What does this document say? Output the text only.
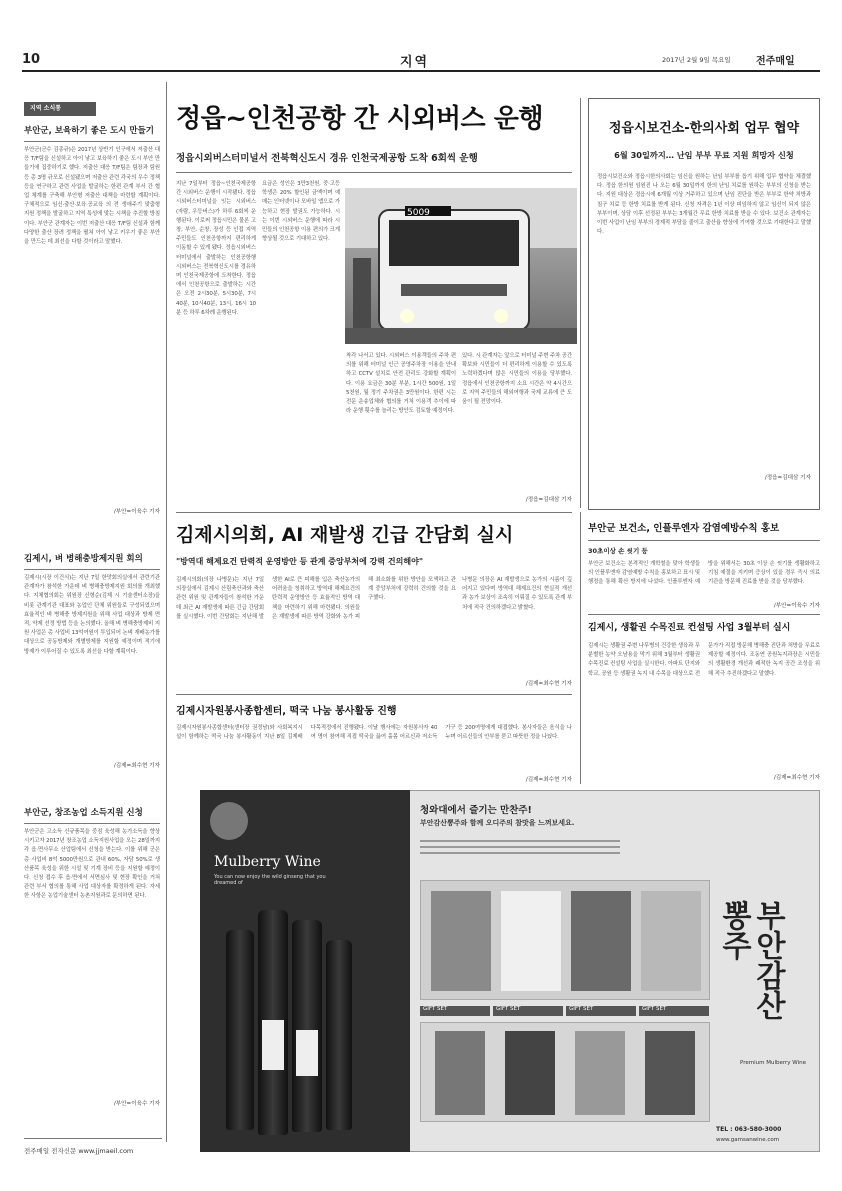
10	지역	2017년 2월 9일 목요일	전주매일
지역 소식통
부안군, 보육하기 좋은 도시 만들기
부안군(군수 김종규)은 2017년 상반기 인구에서 저출산 대응 T/F팀을 신설하고 아이 낳고 보육하기 좋은 도시 부안 만들기에 집중하기로 했다. 저출산 대응 T/F팀은 팀장과 팀원 등 총 3명 규모로 신설됐으며 저출산 관련 각국의 우수 정책 등을 연구하고 관련 사업을 발굴하는 한편 관계 부서 간 협업 체계를 구축해 부안형 저출산 대책을 마련할 계획이다. 구체적으로 임신·출산·보육·공교육 의 전 생애주기 맞춤형 지원 정책을 발굴하고 지역 특성에 맞는 시책을 추진할 방침이다. 부안군 관계자는 이번 저출산 대응 T/F팀 신설과 함께 다양한 출산 장려 정책을 펼쳐 아이 낳고 키우기 좋은 부안을 만드는 데 최선을 다할 것이라고 말했다.
/부안=이육수 기자
김제시, 벼 병해충방제지원 회의
김제시(시장 이건식)는 지난 7일 한맛회의실에서 관련기관 관계자가 참석한 가운데 벼 병해충방제지원 회의를 개최했다. 지체협의회는 위원장 신형순(김제 시 기술센터소장)을 비롯 관계기관 대표와 농업인 단체 위원들로 구성되었으며 효율적인 벼 병해충 방제지원을 위해 사업 대상과 방제 면적, 약제 선정 방법 등을 논의했다. 올해 벼 병해충방제비 지원 사업은 총 사업비 13억여원이 투입되어 논벼 재배농가를 대상으로 공동방제와 개별방제를 지원할 예정이며 적기에 방제가 이루어질 수 있도록 최선을 다할 계획이다.
/김제=최수현 기자
부안군, 창조농업 소득지원 신청
부안군은 고소득 신규품목을 중점 육성해 농가소득을 향상시키고자 2017년 창조농업 소득지원사업을 오는 28일까지 각 읍·면사무소 산업팀에서 신청을 받는다. 이를 위해 군은 총 사업비 8억 5000만원으로 관내 60%, 자담 50%로 생산품목 육성을 위한 시설 및 기계 장비 등을 지원할 예정이다. 신청 접수 후 읍·면에서 서면심사 및 현장 확인을 거쳐 관련 부서 협의를 통해 사업 대상자를 확정하게 된다. 자세한 사항은 농업기술센터 농촌지원과로 문의하면 된다.
/부안=이육수 기자
전주매일 전자신문 www.jjmaeil.com
정읍~인천공항 간 시외버스 운행
정읍시외버스터미널서 전북혁신도시 경유 인천국제공항 도착 6회씩 운행
지난 7일부터 정읍~인천국제공항간 시외버스 운행이 시작됐다. 정읍시외버스터미널을 잇는 시외버스(자람, 우등버스)가 하루 6회씩 운행된다. 이로써 정읍시민은 물론 고창, 부안, 순창, 장성 등 인접 지역 주민들도 인천공항까지 편리하게 이동할 수 있게 됐다. 정읍시외버스터미널에서 출발하는 인천공항행 시외버스는 전북혁신도시를 경유하며 인천국제공항에 도착한다. 정읍에서 인천공항으로 출발하는 시간은 오전 2시30분, 5시30분, 7시40분, 10시40분, 13시, 16시 10분 등 하루 6차례 운행된다.
요금은 성인은 3만3천원, 중·고등학생은 20% 할인된 금액이며 예매는 인터넷이나 모바일 앱으로 가능하고 현장 발권도 가능하다. 시는 이번 시외버스 운행에 따라 시민들의 인천공항 이용 편의가 크게 향상될 것으로 기대하고 있다.
5009
착각 나서고 있다. 시외버스 이용객들의 주차 편의를 위해 터미널 인근 공영주차장 이용을 안내하고 CCTV 설치로 안전 관리도 강화할 계획이다. 이용 요금은 30분 부분, 1시간 500원, 1일 5천원, 월 정기 주차권은 3만원이다. 한편 시는 전문 운송업체와 협의를 거쳐 이용객 추이에 따라 운행 횟수를 늘리는 방안도 검토할 예정이다.
있다. 시 관계자는 앞으로 터미널 주변 주차 공간 확보와 시민들이 더 편리하게 이용할 수 있도록 노력하겠다며 많은 시민들의 이용을 당부했다. 정읍에서 인천공항까지 소요 시간은 약 4시간으로 지역 주민들의 해외여행과 국제 교류에 큰 도움이 될 전망이다.
/정읍=김대삼 기자
정읍시보건소-한의사회 업무 협약
6월 30일까지… 난임 부부 무료 지원 희망자 신청
정읍시보건소와 정읍시한의사회는 임신을 원하는 난임 부부를 돕기 위해 업무 협약을 체결했다. 정읍 한의원 임원진 나 오는 6월 30일까지 한의 난임 치료를 원하는 부부의 신청을 받는다. 지원 대상은 정읍시에 6개월 이상 거주하고 있으며 난임 진단을 받은 부부로 한약 처방과 침구 치료 등 한방 치료를 받게 된다. 신청 자격은 1년 이상 피임하지 않고 임신이 되지 않은 부부이며, 상담 이후 선정된 부부는 3개월간 무료 한방 치료를 받을 수 있다. 보건소 관계자는 이번 사업이 난임 부부의 경제적 부담을 줄이고 출산율 향상에 기여할 것으로 기대한다고 말했다.
/정읍=김대삼 기자
김제시의회, AI 재발생 긴급 간담회 실시
"방역대 해제요건 탄력적 운영방안 등 관계 중앙부처에 강력 건의해야"
김제시의회(의장 나병문)는 지난 7일 의장실에서 김제시 산림축산과와 축산관련 위원 및 관계자들이 참석한 가운데 최근 AI 재발생에 따른 긴급 간담회를 실시했다. 이번 간담회는 지난해 발생한 AI로 큰 피해를 입은 축산농가의 어려움을 청취하고 방역대 해제요건의 탄력적 운영방안 등 효율적인 방역 대책을 마련하기 위해 마련됐다. 의원들은 재발생에 따른 방역 강화와 농가 피해 최소화를 위한 방안을 모색하고 관계 중앙부처에 강력히 건의할 것을 요구했다.
나병문 의장은 AI 재발생으로 농가의 시름이 깊어지고 있다며 방역대 해제요건의 현실적 개선과 농가 보상이 조속히 이뤄질 수 있도록 관계 부처에 적극 건의하겠다고 밝혔다.
/김제=최수현 기자
김제시자원봉사종합센터, 떡국 나눔 봉사활동 진행
김제시자원봉사종합센터(센터장 권정남)와 사회복지시설이 함께하는 떡국 나눔 봉사활동이 지난 8일 김제배다목적정에서 진행됐다. 이날 행사에는 자원봉사자 40여 명이 참여해 직접 떡국을 끓여 홀몸 어르신과 저소득 가구 등 200여명에게 대접했다. 봉사자들은 음식을 나누며 어르신들의 안부를 묻고 따뜻한 정을 나눴다.
/김제=최수현 기자
부안군 보건소, 인플루엔자 감염예방수칙 홍보
30초이상 손 씻기 등
부안군 보건소는 본격적인 개학철을 맞아 학생들의 인플루엔자 감염예방 수칙을 홍보하고 표시 및 행정을 통해 확산 방지에 나섰다. 인플루엔자 예방을 위해서는 30초 이상 손 씻기를 생활화하고 기침 예절을 지키며 증상이 있을 경우 즉시 의료기관을 방문해 진료를 받을 것을 당부했다.
/부안=이육수 기자
김제시, 생활권 수목진료 컨설팅 사업 3월부터 실시
김제시는 생활권 주변 나무병의 건강한 생육과 무분별한 농약 오남용을 막기 위해 3월부터 생활권 수목진료 컨설팅 사업을 실시한다. 아파트 단지와 학교, 공원 등 생활권 녹지 내 수목을 대상으로 전문가가 직접 방문해 병해충 진단과 처방을 무료로 제공할 예정이다. 조동연 공원녹지과장은 시민들의 생활환경 개선과 쾌적한 녹지 공간 조성을 위해 적극 추진하겠다고 말했다.
/김제=최수현 기자
Mulberry Wine
You can now enjoy the wild ginseng that you dreamed of
청와대에서 즐기는 만찬주!
부안감산뽕주와 함께 오디주의 참맛을 느껴보세요.
GIFT SET	GIFT SET	GIFT SET	GIFT SET	부안감산 뽕주
Premium Mulberry Wine
TEL : 063-580-3000
www.gamsanwine.com
